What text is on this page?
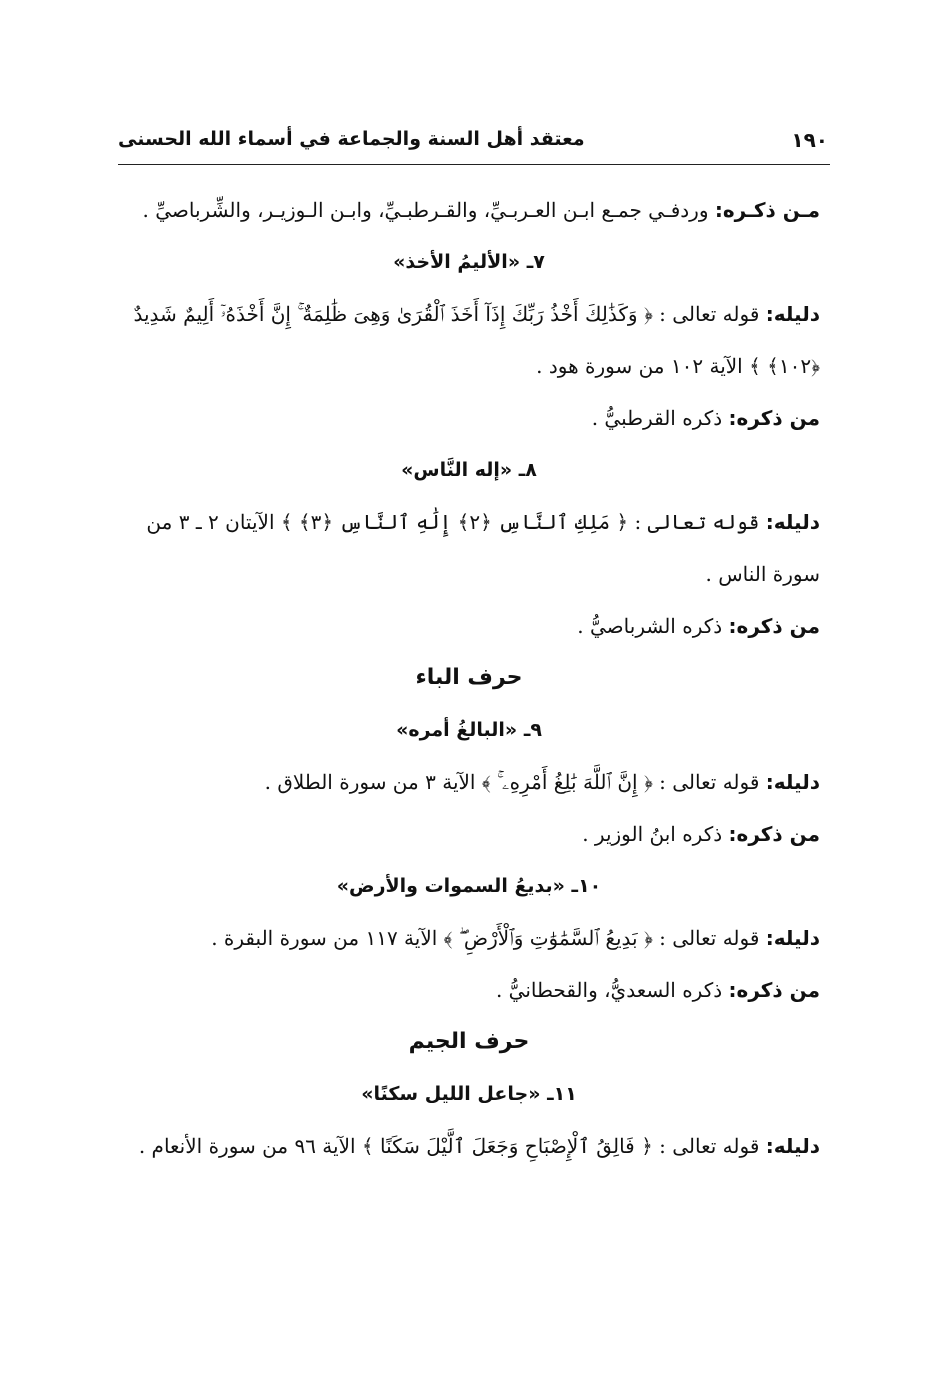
معتقد أهل السنة والجماعة في أسماء الله الحسنى	١٩٠

مـن ذكـره: وردفـي جمـع ابـن العـربـيِّ، والقـرطبـيِّ، وابـن الـوزيـر، والشِّرباصيِّ .

٧ـ «الأليمُ الأخذ»

دليله: قوله تعالى : ﴿ وَكَذَٰلِكَ أَخْذُ رَبِّكَ إِذَآ أَخَذَ ٱلْقُرَىٰ وَهِىَ ظَٰلِمَةٌ ۚ إِنَّ أَخْذَهُۥٓ أَلِيمٌ شَدِيدٌ ﴿١٠٢﴾ ﴾ الآية ١٠٢ من سورة هود .

من ذكره: ذكره القرطبيُّ .

٨ـ «إله النَّاس»

دليله: قوله تعالى : ﴿ مَلِكِ ٱلنَّاسِ ﴿٢﴾ إِلَٰهِ ٱلنَّاسِ ﴿٣﴾ ﴾ الآيتان ٢ ـ ٣ من سورة الناس .

من ذكره: ذكره الشرباصيُّ .

حرف الباء
٩ـ «البالغُ أمره»

دليله: قوله تعالى : ﴿ إِنَّ ٱللَّهَ بَٰلِغُ أَمْرِهِۦ ۚ ﴾ الآية ٣ من سورة الطلاق .

من ذكره: ذكره ابنُ الوزير .

١٠ـ «بديعُ السموات والأرض»

دليله: قوله تعالى : ﴿ بَدِيعُ ٱلسَّمَٰوَٰتِ وَٱلْأَرْضِ ۖ ﴾ الآية ١١٧ من سورة البقرة .

من ذكره: ذكره السعديُّ، والقحطانيُّ .

حرف الجيم
١١ـ «جاعل الليل سكنًا»

دليله: قوله تعالى : ﴿ فَالِقُ ٱلْإِصْبَاحِ وَجَعَلَ ٱلَّيْلَ سَكَنًا ﴾ الآية ٩٦ من سورة الأنعام .
